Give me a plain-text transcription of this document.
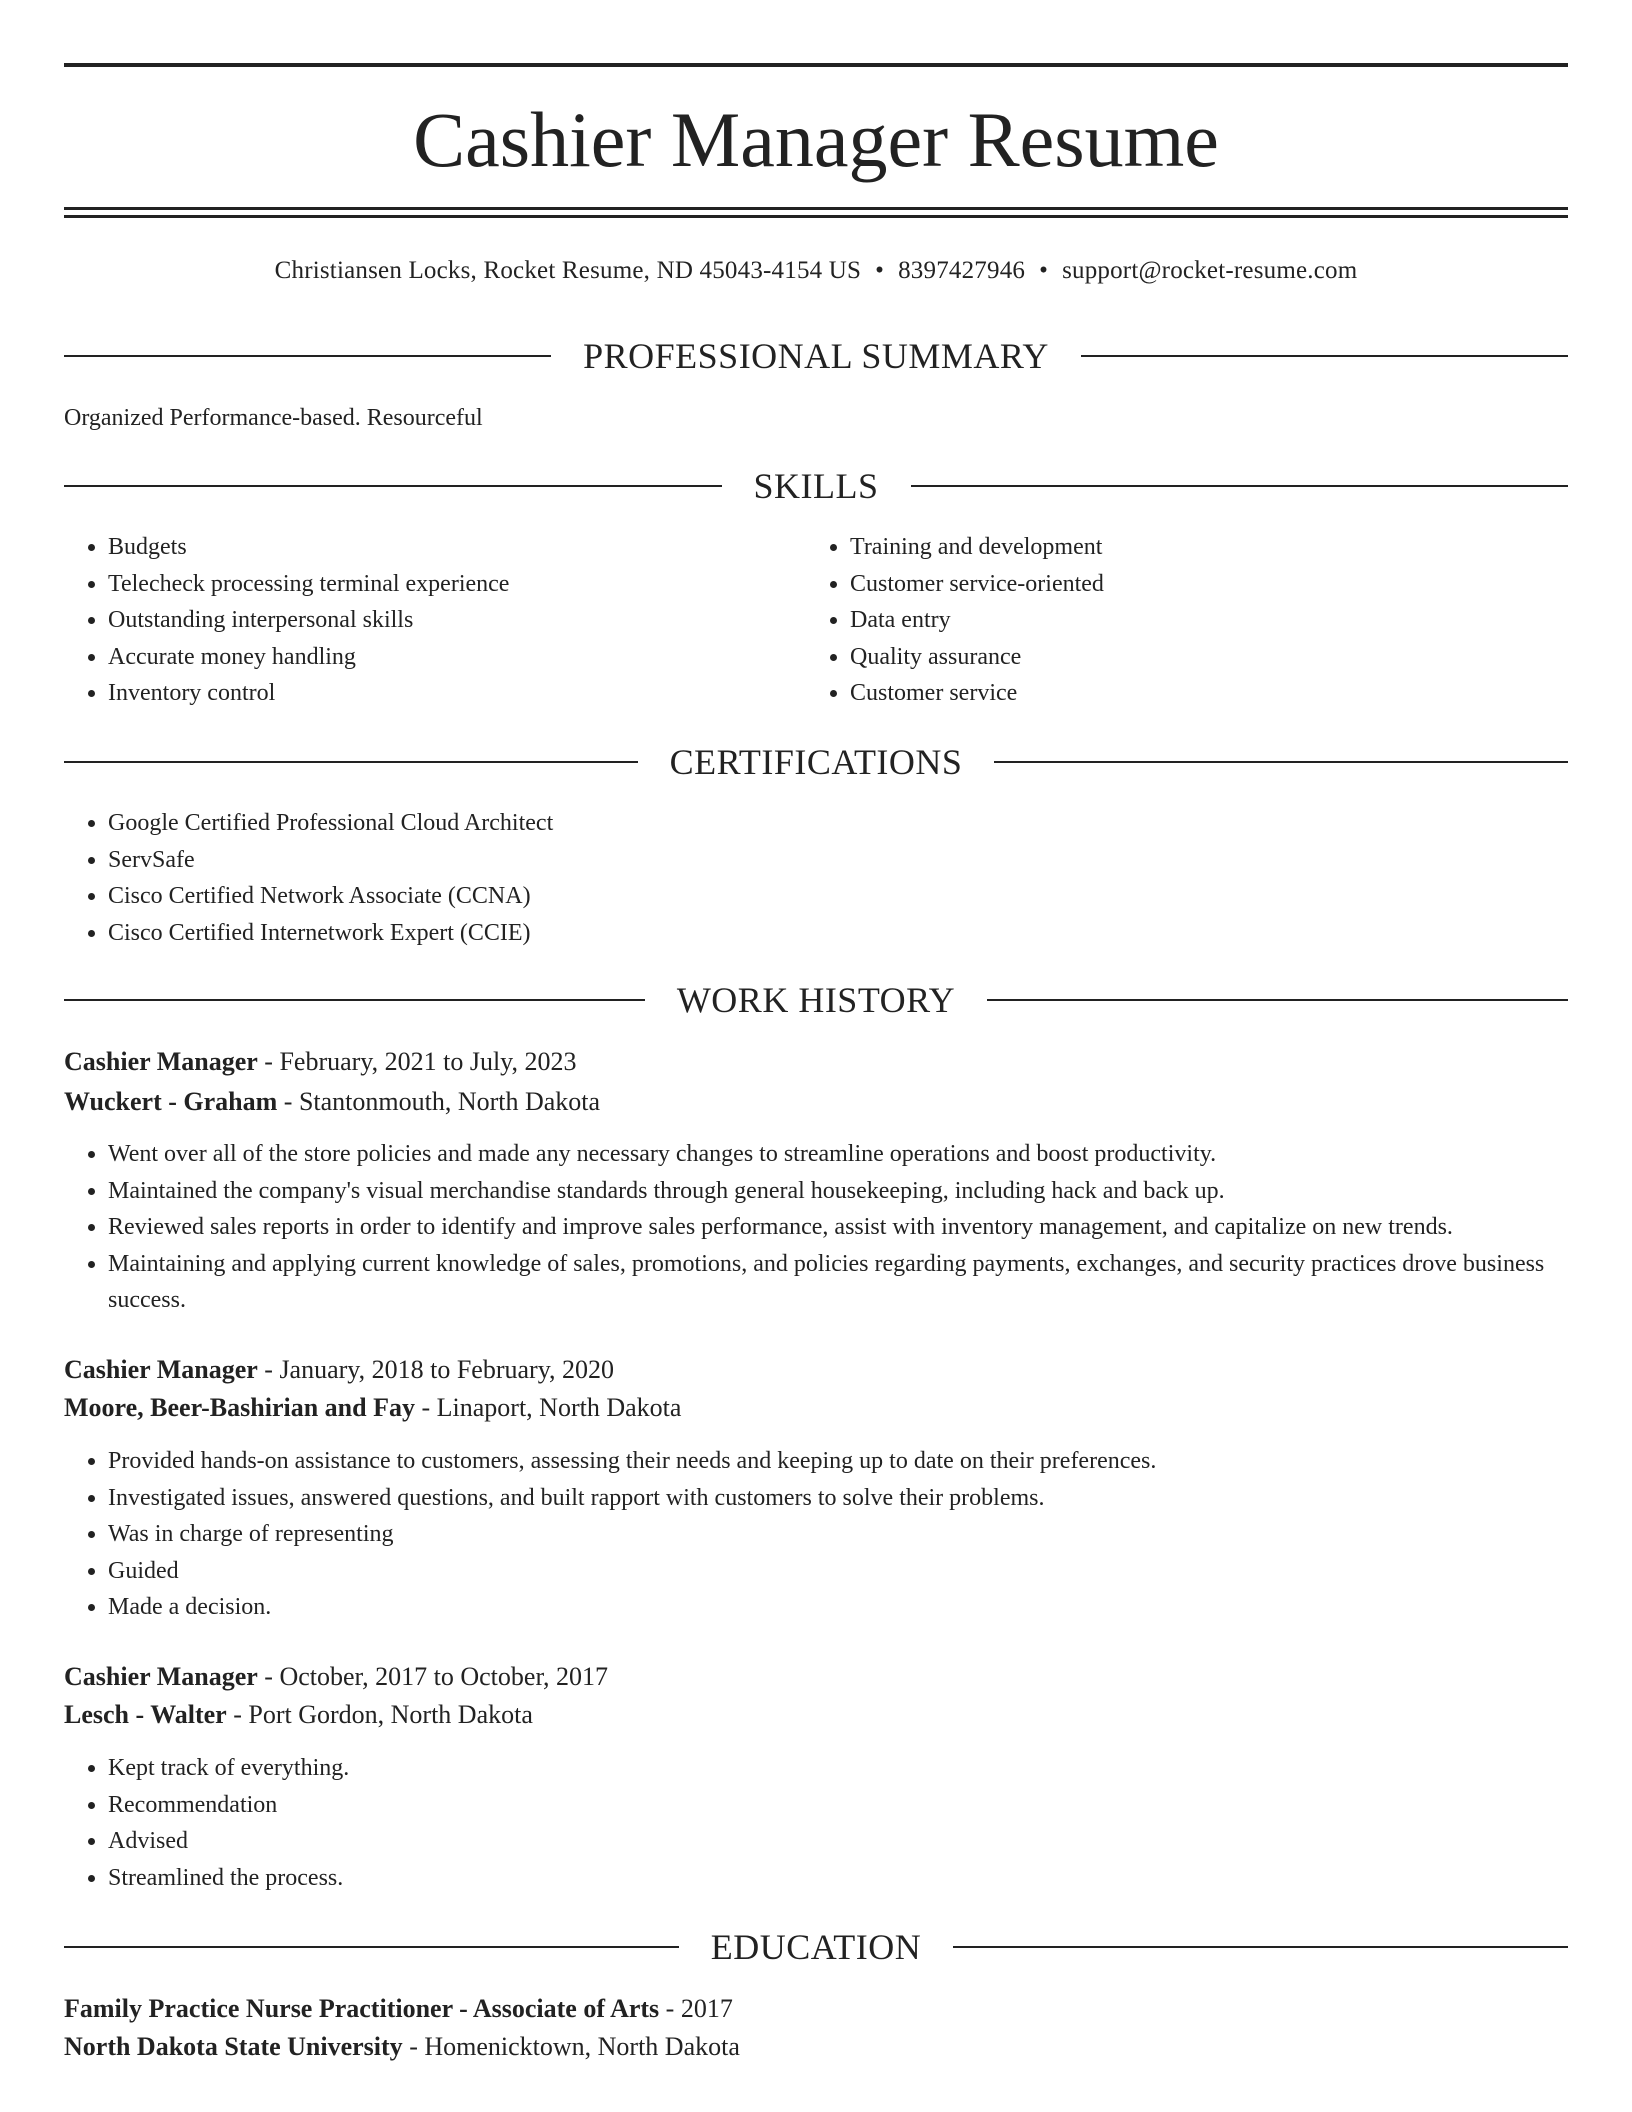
Cashier Manager Resume
Christiansen Locks, Rocket Resume, ND 45043-4154 US • 8397427946 • support@rocket-resume.com
PROFESSIONAL SUMMARY
Organized Performance-based. Resourceful
SKILLS
• Budgets
• Telecheck processing terminal experience
• Outstanding interpersonal skills
• Accurate money handling
• Inventory control
• Training and development
• Customer service-oriented
• Data entry
• Quality assurance
• Customer service
CERTIFICATIONS
• Google Certified Professional Cloud Architect
• ServSafe
• Cisco Certified Network Associate (CCNA)
• Cisco Certified Internetwork Expert (CCIE)
WORK HISTORY
Cashier Manager - February, 2021 to July, 2023
Wuckert - Graham - Stantonmouth, North Dakota
• Went over all of the store policies and made any necessary changes to streamline operations and boost productivity.
• Maintained the company's visual merchandise standards through general housekeeping, including hack and back up.
• Reviewed sales reports in order to identify and improve sales performance, assist with inventory management, and capitalize on new trends.
• Maintaining and applying current knowledge of sales, promotions, and policies regarding payments, exchanges, and security practices drove business success.
Cashier Manager - January, 2018 to February, 2020
Moore, Beer-Bashirian and Fay - Linaport, North Dakota
• Provided hands-on assistance to customers, assessing their needs and keeping up to date on their preferences.
• Investigated issues, answered questions, and built rapport with customers to solve their problems.
• Was in charge of representing
• Guided
• Made a decision.
Cashier Manager - October, 2017 to October, 2017
Lesch - Walter - Port Gordon, North Dakota
• Kept track of everything.
• Recommendation
• Advised
• Streamlined the process.
EDUCATION
Family Practice Nurse Practitioner - Associate of Arts - 2017
North Dakota State University - Homenicktown, North Dakota
